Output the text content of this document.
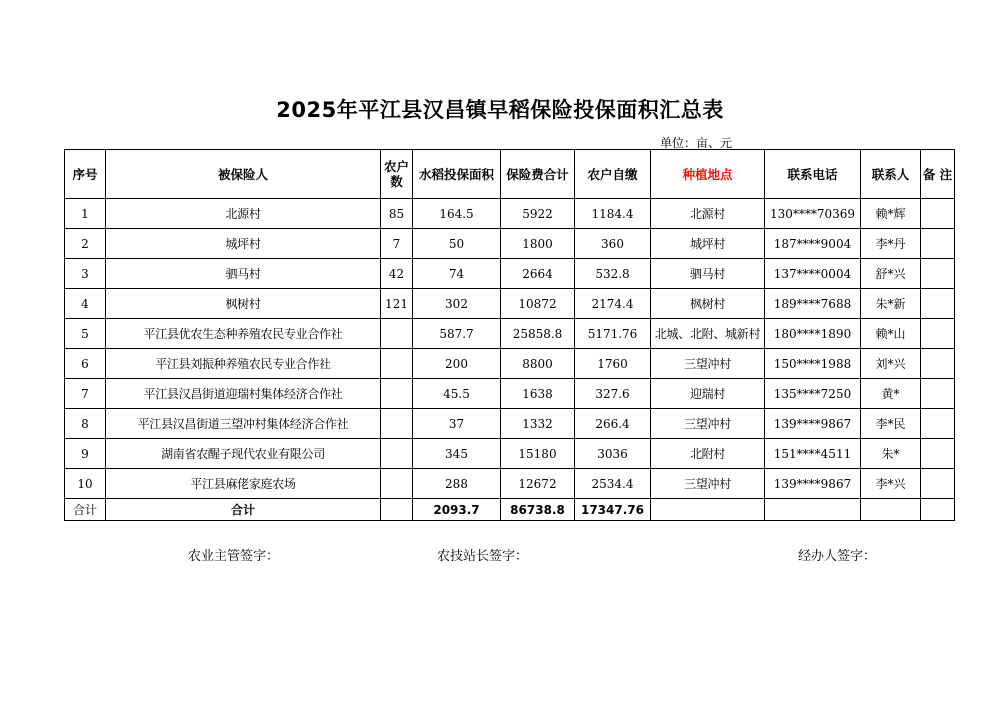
2025年平江县汉昌镇早稻保险投保面积汇总表
单位：亩、元
序号	被保险人	农户数	水稻投保面积	保险费合计	农户自缴	种植地点	联系电话	联系人	备 注
1	北源村	85	164.5	5922	1184.4	北源村	130****70369	赖*辉	
2	城坪村	7	50	1800	360	城坪村	187****9004	李*丹	
3	驷马村	42	74	2664	532.8	驷马村	137****0004	舒*兴	
4	枫树村	121	302	10872	2174.4	枫树村	189****7688	朱*新	
5	平江县优农生态种养殖农民专业合作社		587.7	25858.8	5171.76	北城、北附、城新村	180****1890	赖*山	
6	平江县刘振种养殖农民专业合作社		200	8800	1760	三望冲村	150****1988	刘*兴	
7	平江县汉昌街道迎瑞村集体经济合作社		45.5	1638	327.6	迎瑞村	135****7250	黄*	
8	平江县汉昌街道三望冲村集体经济合作社		37	1332	266.4	三望冲村	139****9867	李*民	
9	湖南省农醒子现代农业有限公司		345	15180	3036	北附村	151****4511	朱*	
10	平江县麻佬家庭农场		288	12672	2534.4	三望冲村	139****9867	李*兴	
合计	合计		2093.7	86738.8	17347.76				
农业主管签字：	农技站长签字：	经办人签字：
